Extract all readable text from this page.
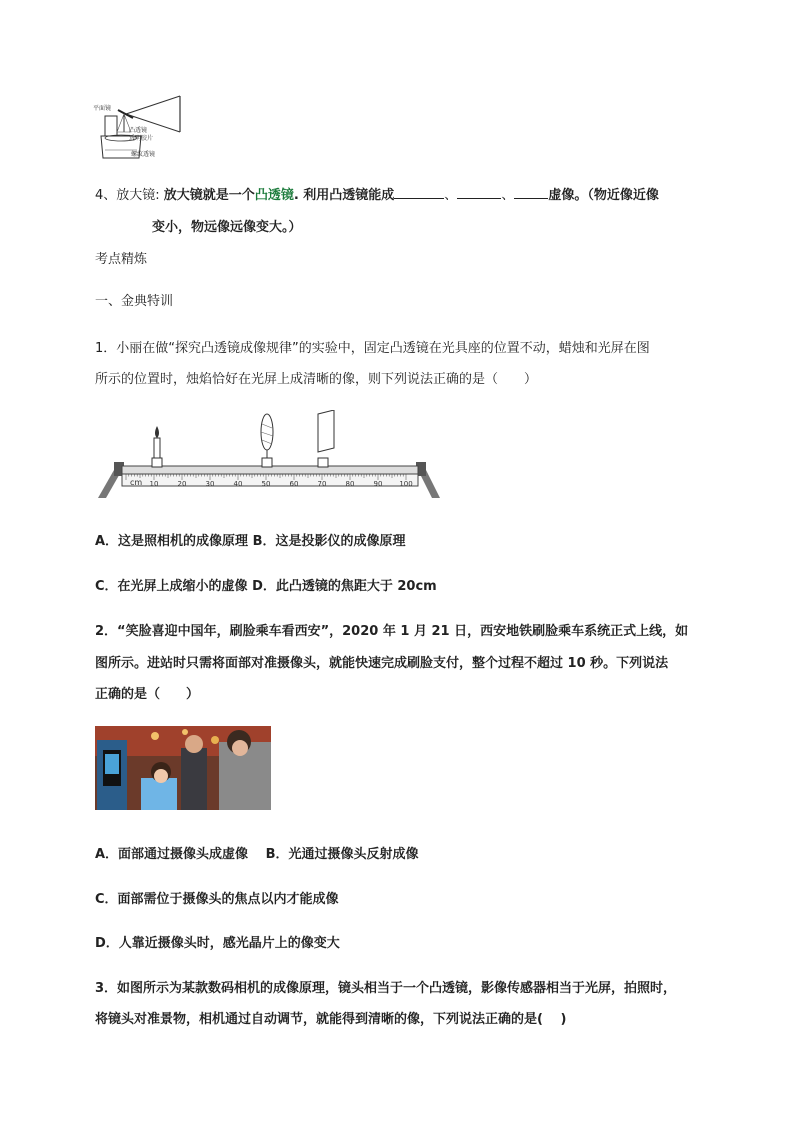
平面镜
凸透镜
透明胶片
螺纹透镜
4、放大镜: 放大镜就是一个凸透镜. 利用凸透镜能成	、	、	虚像。（物近像近像
变小，物远像远像变大。）
考点精炼
一、金典特训
1．小丽在做“探究凸透镜成像规律”的实验中，固定凸透镜在光具座的位置不动，蜡烛和光屏在图
所示的位置时，烛焰恰好在光屏上成清晰的像，则下列说法正确的是（　　）
cm 10	20	30	40	50	60	70	80	90 100
A．这是照相机的成像原理 B．这是投影仪的成像原理
C．在光屏上成缩小的虚像 D．此凸透镜的焦距大于 20cm
2．“笑脸喜迎中国年，刷脸乘车看西安”，2020 年 1 月 21 日，西安地铁刷脸乘车系统正式上线，如
图所示。进站时只需将面部对准摄像头，就能快速完成刷脸支付，整个过程不超过 10 秒。下列说法
正确的是（　　）
A．面部通过摄像头成虚像　 B．光通过摄像头反射成像
C．面部需位于摄像头的焦点以内才能成像
D．人靠近摄像头时，感光晶片上的像变大
3．如图所示为某款数码相机的成像原理，镜头相当于一个凸透镜，影像传感器相当于光屏，拍照时，
将镜头对准景物，相机通过自动调节，就能得到清晰的像，下列说法正确的是(　 )
